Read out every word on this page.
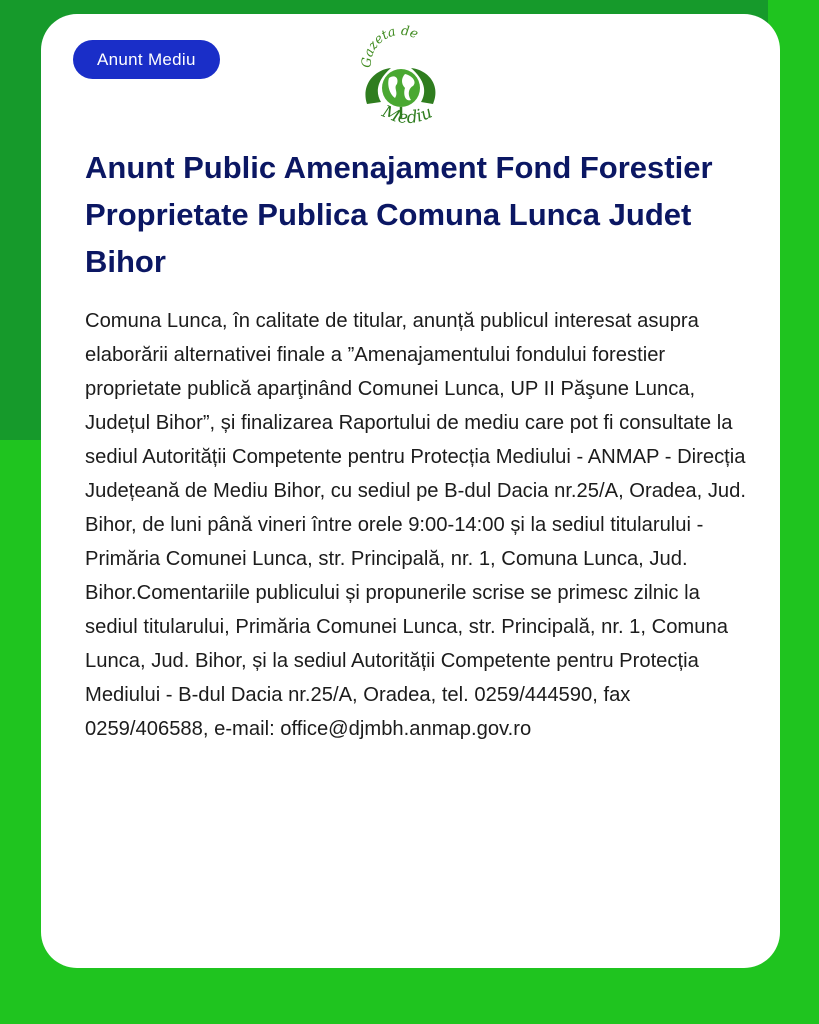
Anunt Mediu	Gazeta de
Mediu
Anunt Public Amenajament Fond Forestier Proprietate Publica Comuna Lunca Judet Bihor

Comuna Lunca, în calitate de titular, anunță publicul interesat asupra elaborării alternativei finale a ”Amenajamentului fondului forestier proprietate publică aparţinând Comunei Lunca, UP II Păşune Lunca, Județul Bihor”, și finalizarea Raportului de mediu care pot fi consultate la sediul Autorității Competente pentru Protecția Mediului - ANMAP - Direcția Județeană de Mediu Bihor, cu sediul pe B-dul Dacia nr.25/A, Oradea, Jud. Bihor, de luni până vineri între orele 9:00-14:00 și la sediul titularului -Primăria Comunei Lunca, str. Principală, nr. 1, Comuna Lunca, Jud. Bihor.Comentariile publicului și propunerile scrise se primesc zilnic la sediul titularului, Primăria Comunei Lunca, str. Principală, nr. 1, Comuna Lunca, Jud. Bihor, și la sediul Autorității Competente pentru Protecția Mediului - B-dul Dacia nr.25/A, Oradea, tel. 0259/444590, fax 0259/406588, e-mail: office@djmbh.anmap.gov.ro
